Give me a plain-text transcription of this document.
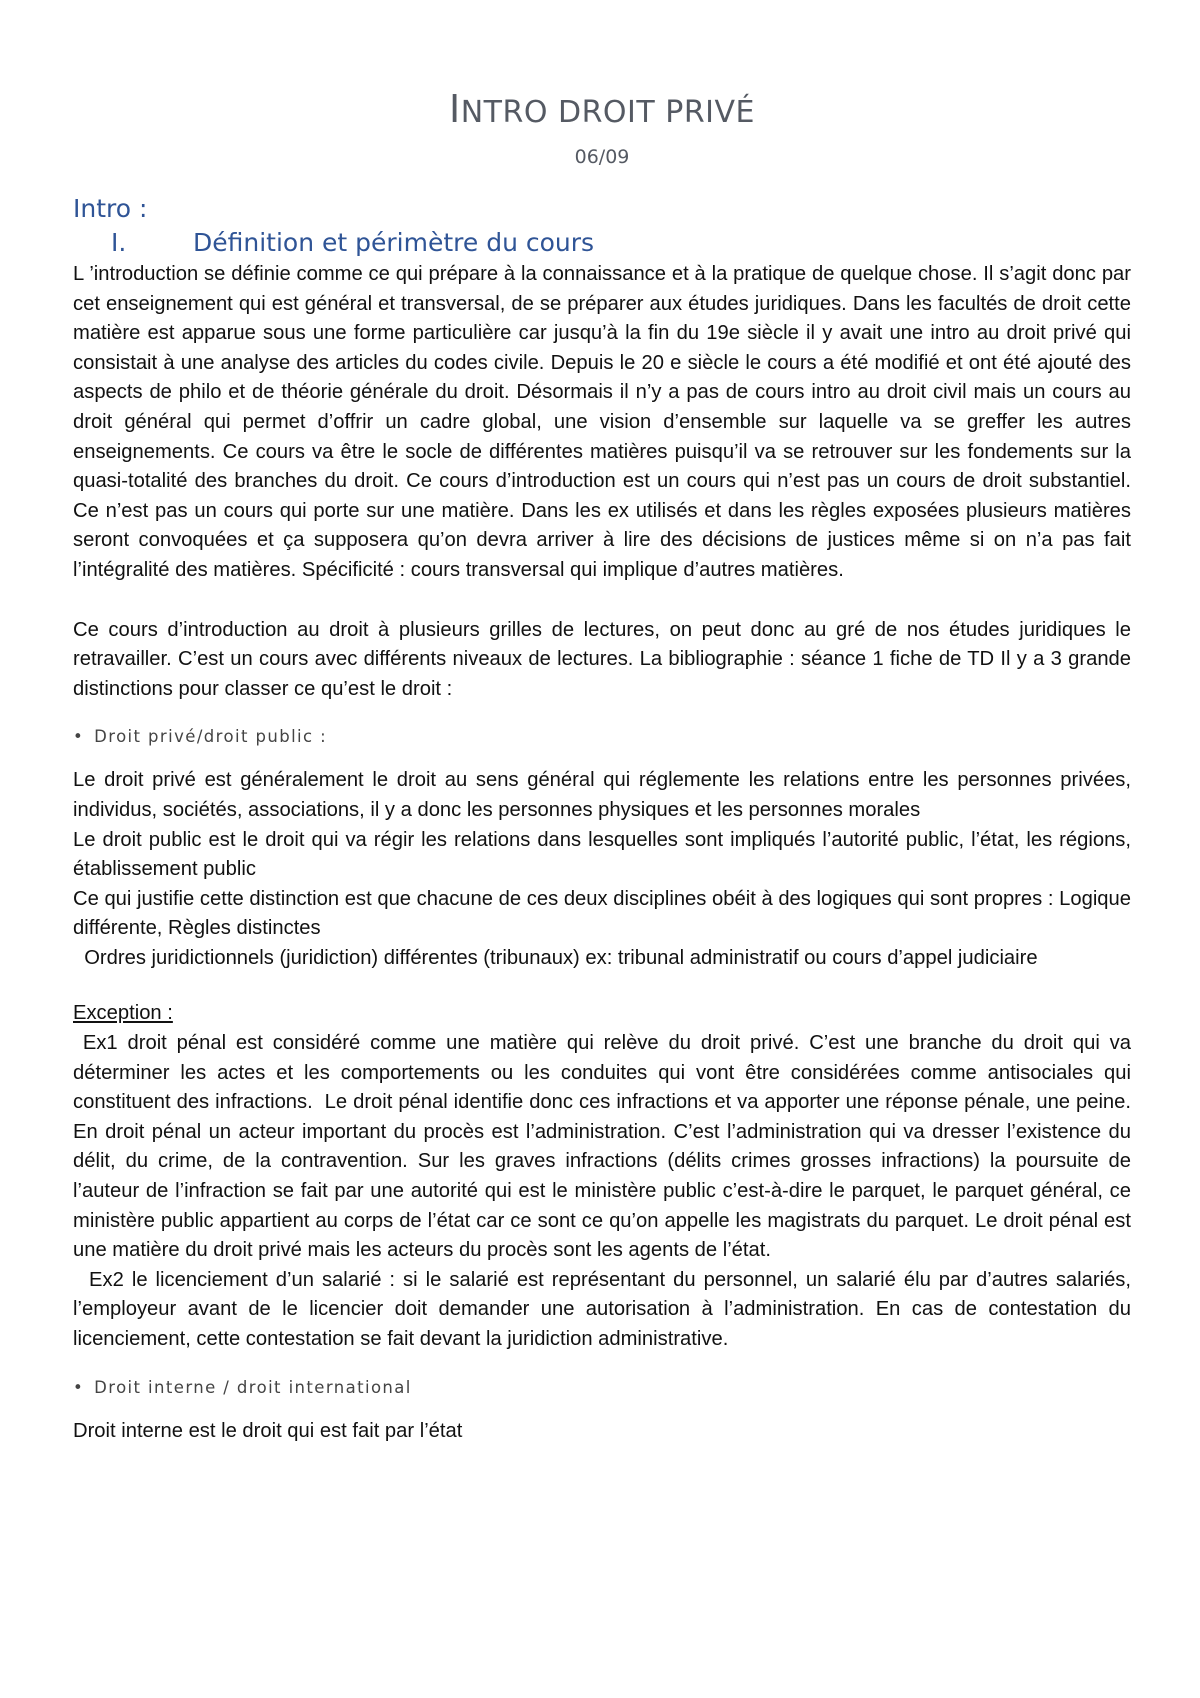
INTRO DROIT PRIVÉ
06/09
Intro :
I.	Définition et périmètre du cours

L ’introduction se définie comme ce qui prépare à la connaissance et à la pratique de quelque chose. Il s’agit donc par cet enseignement qui est général et transversal, de se préparer aux études juridiques. Dans les facultés de droit cette matière est apparue sous une forme particulière car jusqu’à la fin du 19e siècle il y avait une intro au droit privé qui consistait à une analyse des articles du codes civile. Depuis le 20 e siècle le cours a été modifié et ont été ajouté des aspects de philo et de théorie générale du droit. Désormais il n’y a pas de cours intro au droit civil mais un cours au droit général qui permet d’offrir un cadre global, une vision d’ensemble sur laquelle va se greffer les autres enseignements. Ce cours va être le socle de différentes matières puisqu’il va se retrouver sur les fondements sur la quasi-totalité des branches du droit. Ce cours d’introduction est un cours qui n’est pas un cours de droit substantiel. Ce n’est pas un cours qui porte sur une matière. Dans les ex utilisés et dans les règles exposées plusieurs matières seront convoquées et ça supposera qu’on devra arriver à lire des décisions de justices même si on n’a pas fait l’intégralité des matières. Spécificité : cours transversal qui implique d’autres matières.

Ce cours d’introduction au droit à plusieurs grilles de lectures, on peut donc au gré de nos études juridiques le retravailler. C’est un cours avec différents niveaux de lectures. La bibliographie : séance 1 fiche de TD Il y a 3 grande distinctions pour classer ce qu’est le droit :

• Droit privé/droit public :

Le droit privé est généralement le droit au sens général qui réglemente les relations entre les personnes privées, individus, sociétés, associations, il y a donc les personnes physiques et les personnes morales

Le droit public est le droit qui va régir les relations dans lesquelles sont impliqués l’autorité public, l’état, les régions, établissement public

Ce qui justifie cette distinction est que chacune de ces deux disciplines obéit à des logiques qui sont propres : Logique différente, Règles distinctes

Ordres juridictionnels (juridiction) différentes (tribunaux) ex: tribunal administratif ou cours d’appel judiciaire

Exception :

Ex1 droit pénal est considéré comme une matière qui relève du droit privé. C’est une branche du droit qui va déterminer les actes et les comportements ou les conduites qui vont être considérées comme antisociales qui constituent des infractions.  Le droit pénal identifie donc ces infractions et va apporter une réponse pénale, une peine. En droit pénal un acteur important du procès est l’administration. C’est l’administration qui va dresser l’existence du délit, du crime, de la contravention. Sur les graves infractions (délits crimes grosses infractions) la poursuite de l’auteur de l’infraction se fait par une autorité qui est le ministère public c’est-à-dire le parquet, le parquet général, ce ministère public appartient au corps de l’état car ce sont ce qu’on appelle les magistrats du parquet. Le droit pénal est une matière du droit privé mais les acteurs du procès sont les agents de l’état.

Ex2 le licenciement d’un salarié : si le salarié est représentant du personnel, un salarié élu par d’autres salariés, l’employeur avant de le licencier doit demander une autorisation à l’administration. En cas de contestation du licenciement, cette contestation se fait devant la juridiction administrative.

• Droit interne / droit international

Droit interne est le droit qui est fait par l’état
